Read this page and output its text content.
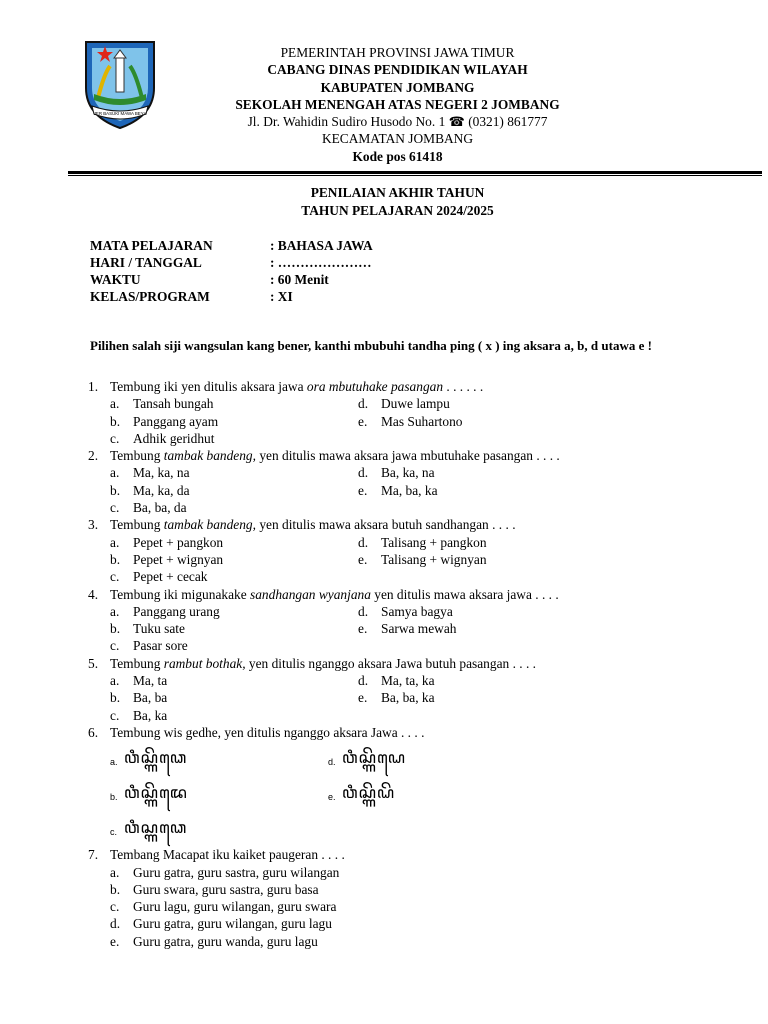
JER BASUKI MAWA BEYA
PEMERINTAH PROVINSI JAWA TIMUR
CABANG DINAS PENDIDIKAN WILAYAH
KABUPATEN JOMBANG
SEKOLAH MENENGAH ATAS NEGERI 2 JOMBANG
Jl. Dr. Wahidin Sudiro Husodo No. 1 ☎ (0321) 861777
KECAMATAN JOMBANG
Kode pos 61418
PENILAIAN AKHIR TAHUN
TAHUN PELAJARAN 2024/2025
MATA PELAJARAN	: BAHASA JAWA
HARI / TANGGAL	: …………………
WAKTU	: 60 Menit
KELAS/PROGRAM	: XI
Pilihen salah siji wangsulan kang bener, kanthi mbubuhi tandha ping ( x ) ing aksara a, b, d utawa e !
1. Tembung iki yen ditulis aksara jawa ora mbutuhake pasangan . . . . . .
a.	Tansah bungah	d. Duwe lampu
b. Panggang ayam	e.	Mas Suhartono
c.	Adhik geridhut
2. Tembung tambak bandeng, yen ditulis mawa aksara jawa mbutuhake pasangan . . . .
a.	Ma, ka, na	d. Ba, ka, na
b. Ma, ka, da	e.	Ma, ba, ka
c.	Ba, ba, da
3. Tembung tambak bandeng, yen ditulis mawa aksara butuh sandhangan . . . .
a.	Pepet + pangkon	d. Talisang + pangkon
b. Pepet + wignyan	e.	Talisang + wignyan
c.	Pepet + cecak
4. Tembung iki migunakake sandhangan wyanjana yen ditulis mawa aksara jawa . . . .
a.	Panggang urang	d. Samya bagya
b. Tuku sate	e.	Sarwa mewah
c.	Pasar sore
5. Tembung rambut bothak, yen ditulis nganggo aksara Jawa butuh pasangan . . . .
a.	Ma, ta	d. Ma, ta, ka
b. Ba, ba	e.	Ba, ba, ka
c.	Ba, ka
6. Tembung wis gedhe, yen ditulis nganggo aksara Jawa . . . .
a. ꦮꦶꦱ꧀ꦒꦼꦣꦺ	d. ꦮꦶꦱ꧀ꦒꦼꦝꦺ
b. ꦮꦶꦱ꧀ꦒꦼꦢꦺ	e. ꦮꦶꦱ꧀ꦒꦼꦝꦼ
c. ꦮꦶꦱ꧀ꦒꦣꦺ
7. Tembang Macapat iku kaiket paugeran . . . .
a.	Guru gatra, guru sastra, guru wilangan
b. Guru swara, guru sastra, guru basa
c.	Guru lagu, guru wilangan, guru swara
d. Guru gatra, guru wilangan, guru lagu
e.	Guru gatra, guru wanda, guru lagu
